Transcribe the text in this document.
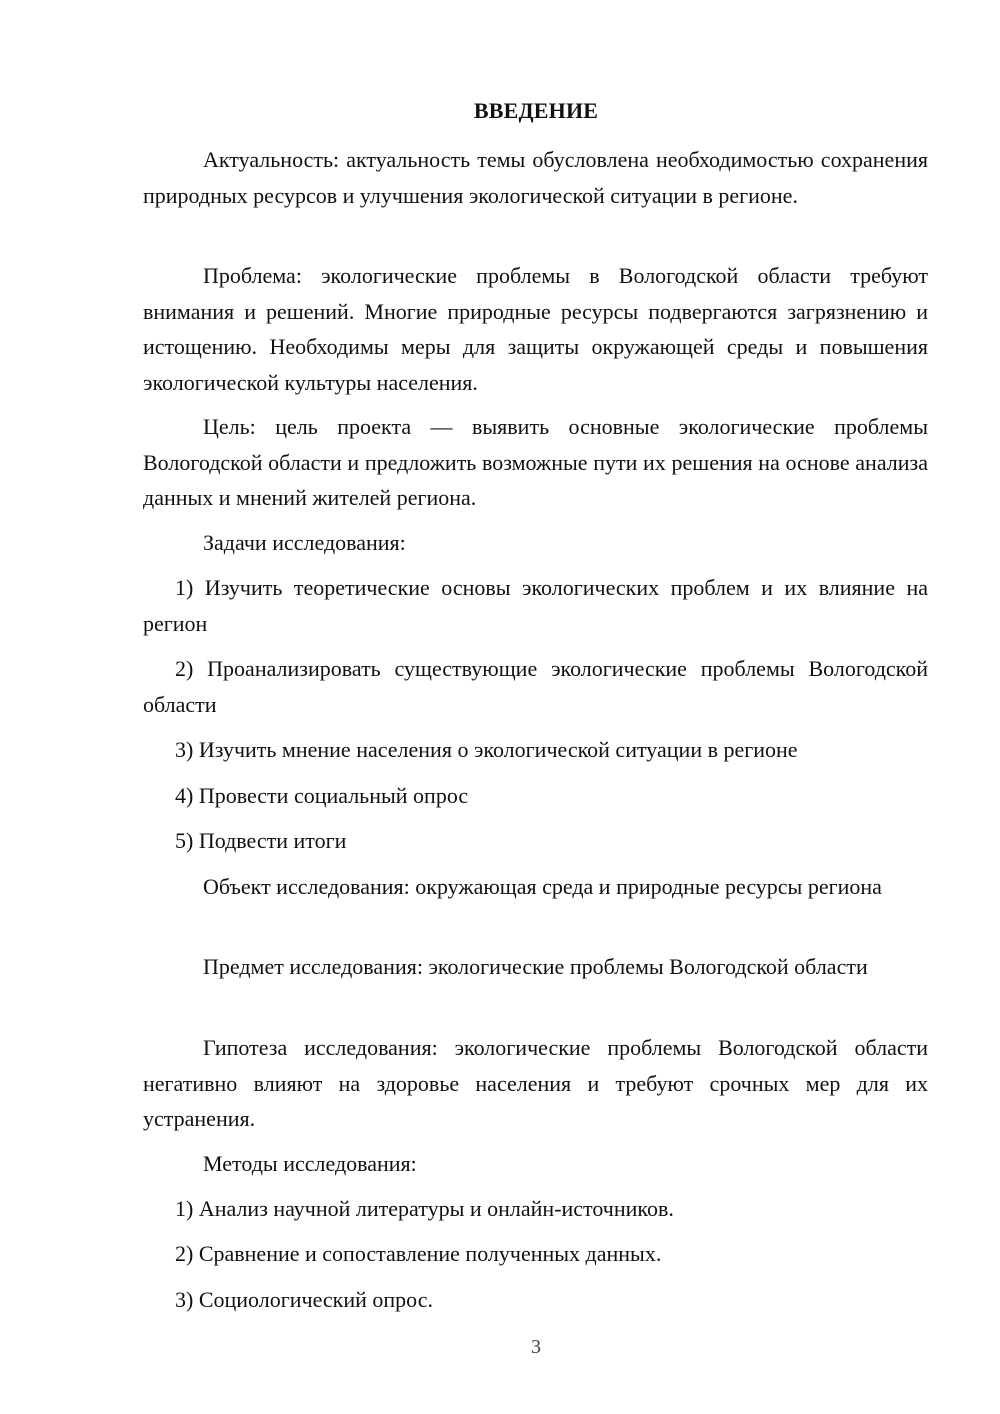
ВВЕДЕНИЕ

Актуальность: актуальность темы обусловлена необходимостью сохранения природных ресурсов и улучшения экологической ситуации в регионе.

Проблема: экологические проблемы в Вологодской области требуют внимания и решений. Многие природные ресурсы подвергаются загрязнению и истощению. Необходимы меры для защиты окружающей среды и повышения экологической культуры населения.

Цель: цель проекта — выявить основные экологические проблемы Вологодской области и предложить возможные пути их решения на основе анализа данных и мнений жителей региона.

Задачи исследования:

1) Изучить теоретические основы экологических проблем и их влияние на регион

2) Проанализировать существующие экологические проблемы Вологодской области

3) Изучить мнение населения о экологической ситуации в регионе

4) Провести социальный опрос

5) Подвести итоги

Объект исследования: окружающая среда и природные ресурсы региона

Предмет исследования: экологические проблемы Вологодской области

Гипотеза исследования: экологические проблемы Вологодской области негативно влияют на здоровье населения и требуют срочных мер для их устранения.

Методы исследования:

1) Анализ научной литературы и онлайн-источников.

2) Сравнение и сопоставление полученных данных.

3) Социологический опрос.

3
